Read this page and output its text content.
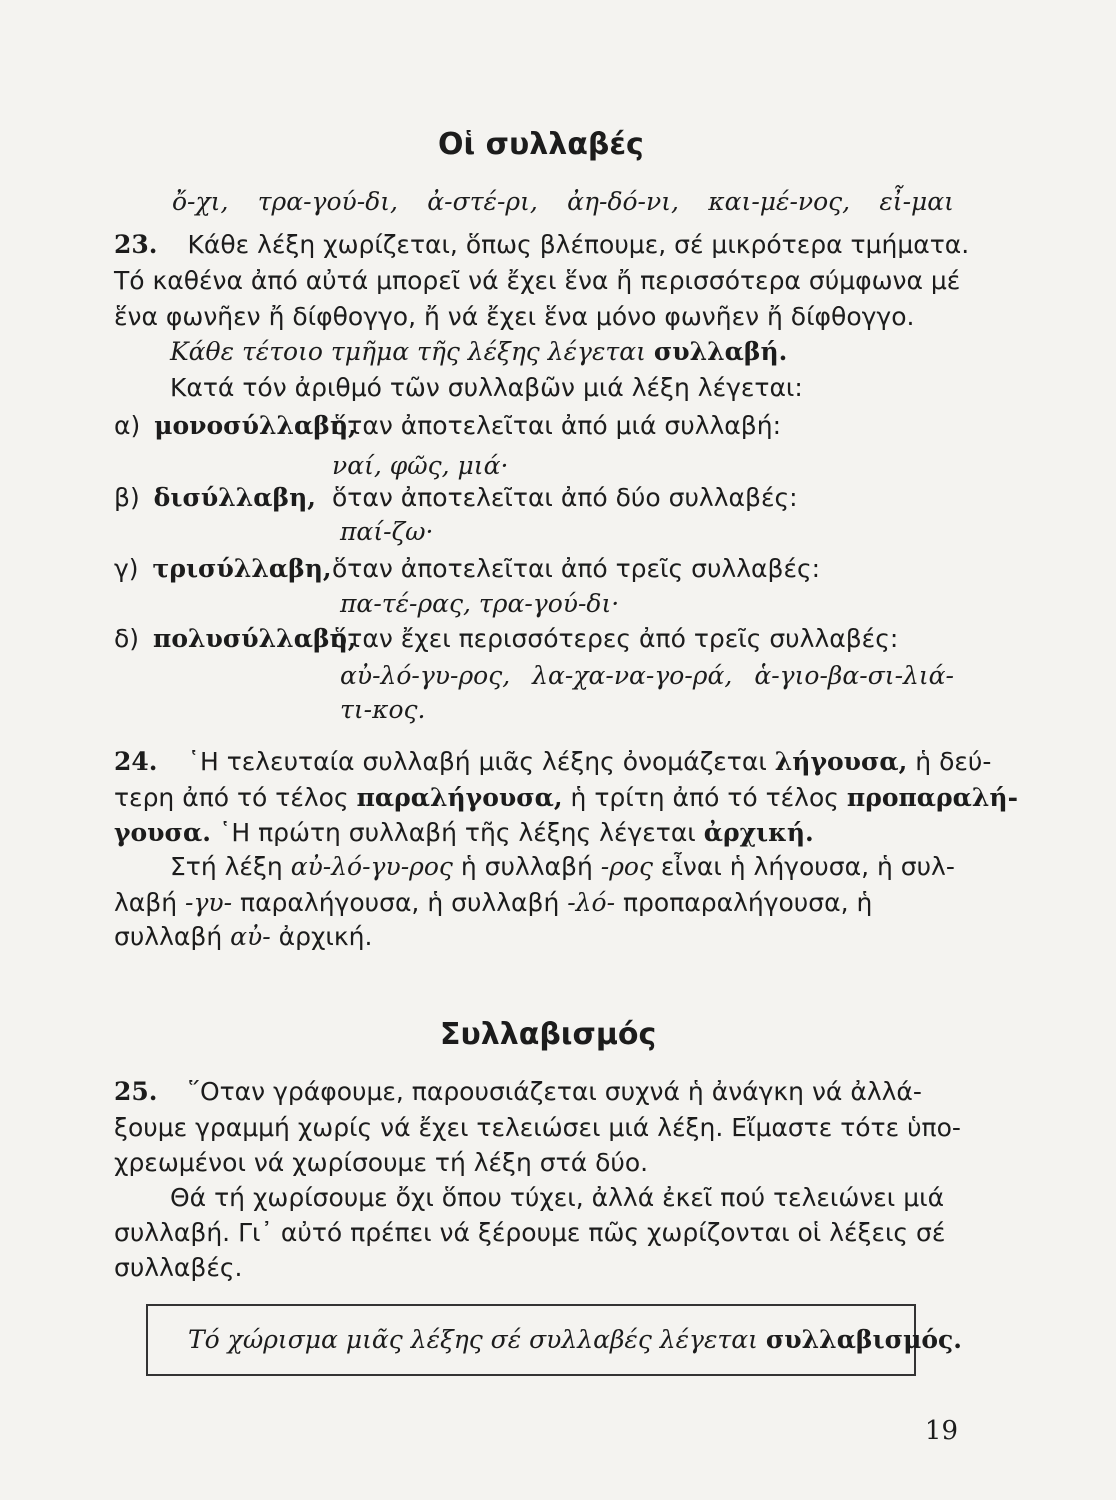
Οἱ συλλαβές
ὄ-χι, τρα-γού-δι, ἀ-στέ-ρι, ἀη-δό-νι, και-μέ-νος, εἶ-μαι
23. Κάθε λέξη χωρίζεται, ὅπως βλέπουμε, σέ μικρότερα τμήματα.
Τό καθένα ἀπό αὐτά μπορεῖ νά ἔχει ἕνα ἤ περισσότερα σύμφωνα μέ
ἕνα φωνῆεν ἤ δίφθογγο, ἤ νά ἔχει ἕνα μόνο φωνῆεν ἤ δίφθογγο.
Κάθε τέτοιο τμῆμα τῆς λέξης λέγεται συλλαβή.
Κατά τόν ἀριθμό τῶν συλλαβῶν μιά λέξη λέγεται:
α) μονοσύλλαβη,
ὅταν ἀποτελεῖται ἀπό μιά συλλαβή:
ναί, φῶς, μιά·
β) δισύλλαβη, ὅταν ἀποτελεῖται ἀπό δύο συλλαβές:
παί-ζω·
γ) τρισύλλαβη, ὅταν ἀποτελεῖται ἀπό τρεῖς συλλαβές:
πα-τέ-ρας, τρα-γού-δι·
δ) πολυσύλλαβη,
ὅταν ἔχει περισσότερες ἀπό τρεῖς συλλαβές:
αὐ-λό-γυ-ρος, λα-χα-να-γο-ρά, ἁ-γιο-βα-σι-λιά-
τι-κος.
24. ῾Η τελευταία συλλαβή μιᾶς λέξης ὀνομάζεται λήγουσα, ἡ δεύ-
τερη ἀπό τό τέλος παραλήγουσα, ἡ τρίτη ἀπό τό τέλος προπαραλή-
γουσα. ῾Η πρώτη συλλαβή τῆς λέξης λέγεται ἀρχική.
Στή λέξη αὐ-λό-γυ-ρος ἡ συλλαβή -ρος εἶναι ἡ λήγουσα, ἡ συλ-
λαβή -γυ- παραλήγουσα, ἡ συλλαβή -λό- προπαραλήγουσα, ἡ
συλλαβή αὐ- ἀρχική.
Συλλαβισμός
25. ῞Οταν γράφουμε, παρουσιάζεται συχνά ἡ ἀνάγκη νά ἀλλά-
ξουμε γραμμή χωρίς νά ἔχει τελειώσει μιά λέξη. Εἴμαστε τότε ὑπο-
χρεωμένοι νά χωρίσουμε τή λέξη στά δύο.
Θά τή χωρίσουμε ὄχι ὅπου τύχει, ἀλλά ἐκεῖ πού τελειώνει μιά
συλλαβή. Γι᾿ αὐτό πρέπει νά ξέρουμε πῶς χωρίζονται οἱ λέξεις σέ
συλλαβές.
Τό χώρισμα μιᾶς λέξης σέ συλλαβές λέγεται συλλαβισμός.
19
